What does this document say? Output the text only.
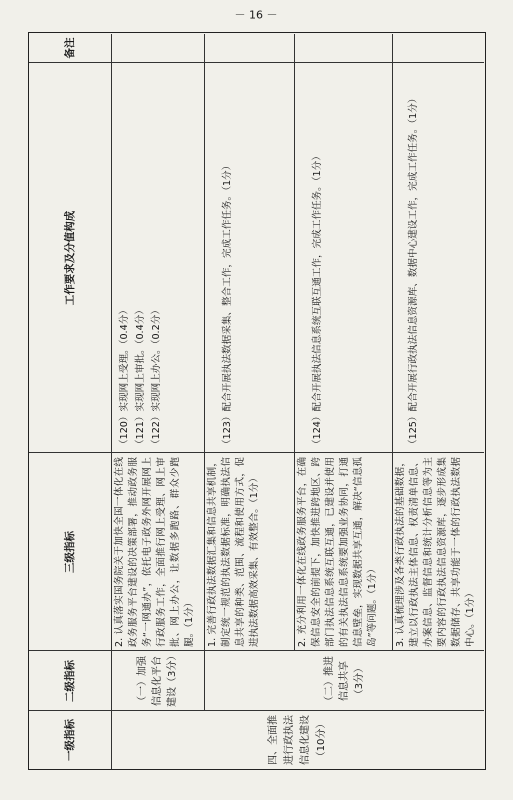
一级指标
二级指标
三级指标
工作要求及分值构成
备注
四、全面推进行政执法信息化建设（10分）
（一）加强信息化平台建设（3分）
2. 认真落实国务院关于加快全国一体化在线政务服务平台建设的决策部署，推动政务服务“一网通办”，依托电子政务外网开展网上行政服务工作，全面推行网上受理、网上审批、网上办公，让数据多跑路、群众少跑腿。（1分）
（120）实现网上受理。（0.4分） （121）实现网上审批。（0.4分） （122）实现网上办公。（0.2分）
（二）推进信息共享（3分）
1. 完善行政执法数据汇集和信息共享机制，制定统一规范的执法数据标准，明确执法信息共享的种类、范围、流程和使用方式，促进执法数据高效采集、有效整合。（1分）
（123）配合开展执法数据采集、整合工作，完成工作任务。（1分）
2. 充分利用一体化在线政务服务平台，在确保信息安全的前提下，加快推进跨地区、跨部门执法信息系统互联互通，已建设并使用的有关执法信息系统要加强业务协同，打通信息壁垒，实现数据共享互通，解决“信息孤岛”等问题。（1分）
（124）配合开展执法信息系统互联互通工作，完成工作任务。（1分）
3. 认真梳理涉及各类行政执法的基础数据，建立以行政执法主体信息、权责清单信息、办案信息、监督信息和统计分析信息等为主要内容的行政执法信息资源库，逐步形成集数据储存、共享功能于一体的行政执法数据中心。（1分）
（125）配合开展行政执法信息资源库、数据中心建设工作，完成工作任务。（1分）
－ 16 －
